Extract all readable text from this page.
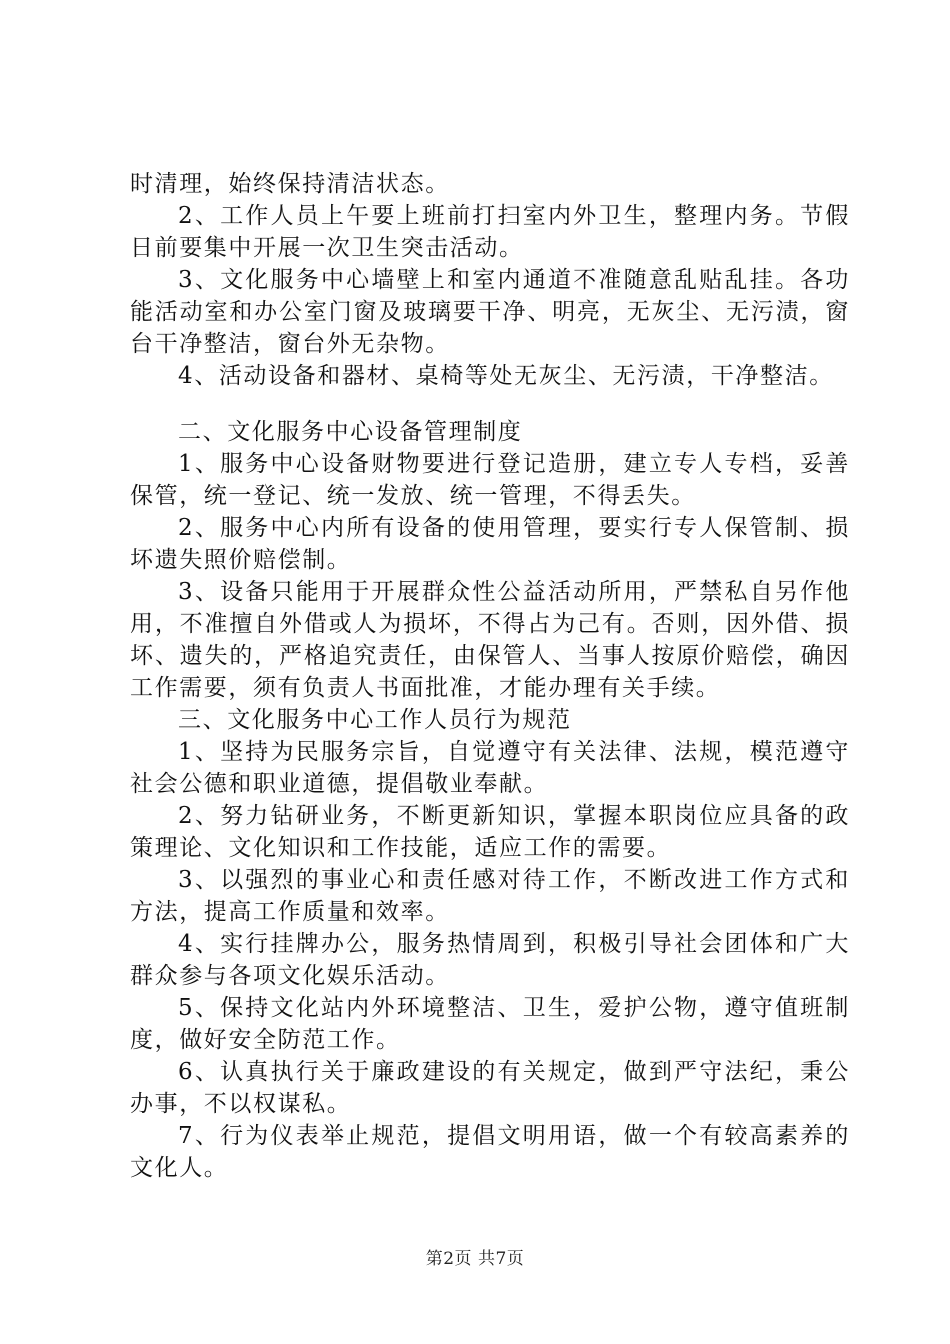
时清理，始终保持清洁状态。

2、工作人员上午要上班前打扫室内外卫生，整理内务。节假日前要集中开展一次卫生突击活动。

3、文化服务中心墙壁上和室内通道不准随意乱贴乱挂。各功能活动室和办公室门窗及玻璃要干净、明亮，无灰尘、无污渍，窗台干净整洁，窗台外无杂物。

4、活动设备和器材、桌椅等处无灰尘、无污渍，干净整洁。

二、文化服务中心设备管理制度

1、服务中心设备财物要进行登记造册，建立专人专档，妥善保管，统一登记、统一发放、统一管理，不得丢失。

2、服务中心内所有设备的使用管理，要实行专人保管制、损坏遗失照价赔偿制。

3、设备只能用于开展群众性公益活动所用，严禁私自另作他用，不准擅自外借或人为损坏，不得占为己有。否则，因外借、损坏、遗失的，严格追究责任，由保管人、当事人按原价赔偿，确因工作需要，须有负责人书面批准，才能办理有关手续。

三、文化服务中心工作人员行为规范

1、坚持为民服务宗旨，自觉遵守有关法律、法规，模范遵守社会公德和职业道德，提倡敬业奉献。

2、努力钻研业务，不断更新知识，掌握本职岗位应具备的政策理论、文化知识和工作技能，适应工作的需要。

3、以强烈的事业心和责任感对待工作，不断改进工作方式和方法，提高工作质量和效率。

4、实行挂牌办公，服务热情周到，积极引导社会团体和广大群众参与各项文化娱乐活动。

5、保持文化站内外环境整洁、卫生，爱护公物，遵守值班制度，做好安全防范工作。

6、认真执行关于廉政建设的有关规定，做到严守法纪，秉公办事，不以权谋私。

7、行为仪表举止规范，提倡文明用语，做一个有较高素养的文化人。

第2页 共7页
